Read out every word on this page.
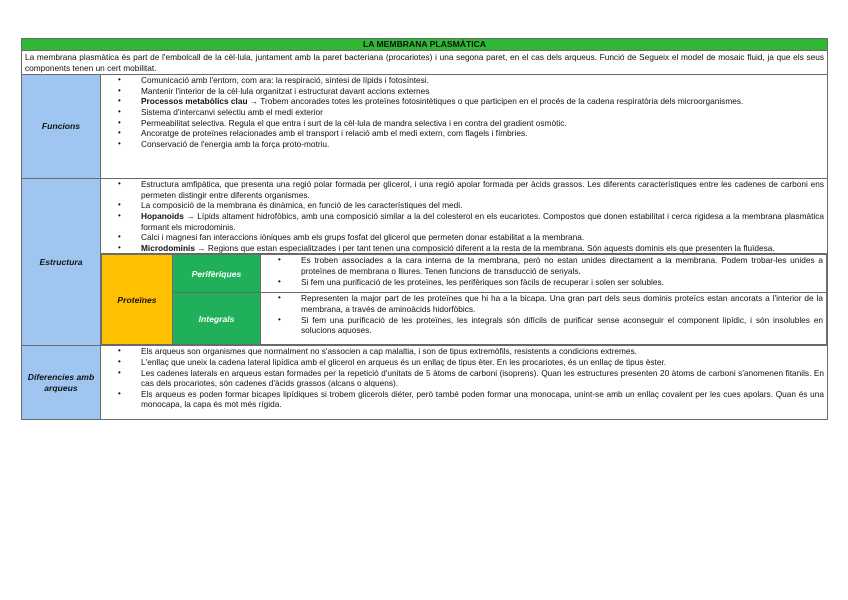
LA MEMBRANA PLASMÀTICA
La membrana plasmàtica és part de l'embolcall de la cèl·lula, juntament amb la paret bacteriana (procariotes) i una segona paret, en el cas dels arqueus. Funció de Segueix el model de mosaic fluid, ja que els seus components tenen un cert mobilitat.
Funcions	
• Comunicació amb l'entorn, com ara: la respiració, síntesi de lípids i fotosíntesi.
• Mantenir l'interior de la cèl·lula organitzat i estructurat davant accions externes
• Processos metabòlics clau → Trobem ancorades totes les proteïnes fotosintètiques o que participen en el procés de la cadena respiratòria dels microorganismes.
• Sistema d'intercanvi selectiu amb el medi exterior
• Permeabilitat selectiva. Regula el que entra i surt de la cèl·lula de mandra selectiva i en contra del gradient osmòtic.
• Ancoratge de proteïnes relacionades amb el transport i relació amb el medi extern, com flagels i fímbries.
• Conservació de l'energia amb la força proto-motriu.

Estructura	
• Estructura amfipàtica, que presenta una regió polar formada per glicerol, i una regió apolar formada per àcids grassos. Les diferents característiques entre les cadenes de carboni ens permeten distingir entre diferents organismes.
• La composició de la membrana és dinàmica, en funció de les característiques del medi.
• Hopanoids → Lípids altament hidrofòbics, amb una composició similar a la del colesterol en els eucariotes. Compostos que donen estabilitat i cerca rigidesa a la membrana plasmàtica formant els microdominis.
• Calci i magnesi fan interaccions iòniques amb els grups fosfat del glicerol que permeten donar estabilitat a la membrana.
• Microdominis → Regions que estan especialitzades i per tant tenen una composició diferent a la resta de la membrana. Són aquests dominis els que presenten la fluïdesa.

Proteïnes	Perifèriques	
• Es troben associades a la cara interna de la membrana, però no estan unides directament a la membrana. Podem trobar-les unides a proteïnes de membrana o lliures. Tenen funcions de transducció de senyals.
• Si fem una purificació de les proteïnes, les perifèriques son fàcils de recuperar i solen ser solubles.

Integrals	
• Representen la major part de les proteïnes que hi ha a la bicapa. Una gran part dels seus dominis proteïcs estan ancorats a l'interior de la membrana, a través de aminoàcids hidorfòbics.
• Si fem una purificació de les proteïnes, les integrals són difícils de purificar sense aconseguir el component lipídic, i són insolubles en solucions aquoses.

Diferencies amb arqueus	
• Els arqueus son organismes que normalment no s'associen a cap malaltia, i son de tipus extremòfils, resistents a condicions extremes.
• L'enllaç que uneix la cadena lateral lipídica amb el glicerol en arqueus és un enllaç de tipus èter. En les procariotes, és un enllaç de tipus èster.
• Les cadenes laterals en arqueus estan formades per la repetició d'unitats de 5 àtoms de carboni (isoprens). Quan les estructures presenten 20 àtoms de carboni s'anomenen fitanils. En cas dels procariotes, són cadenes d'àcids grassos (alcans o alquens).
• Els arqueus es poden formar bicapes lipídiques si trobem glicerols diéter, però també poden formar una monocapa, unint-se amb un enllaç covalent per les cues apolars. Quan és una monocapa, la capa és mot més rígida.
